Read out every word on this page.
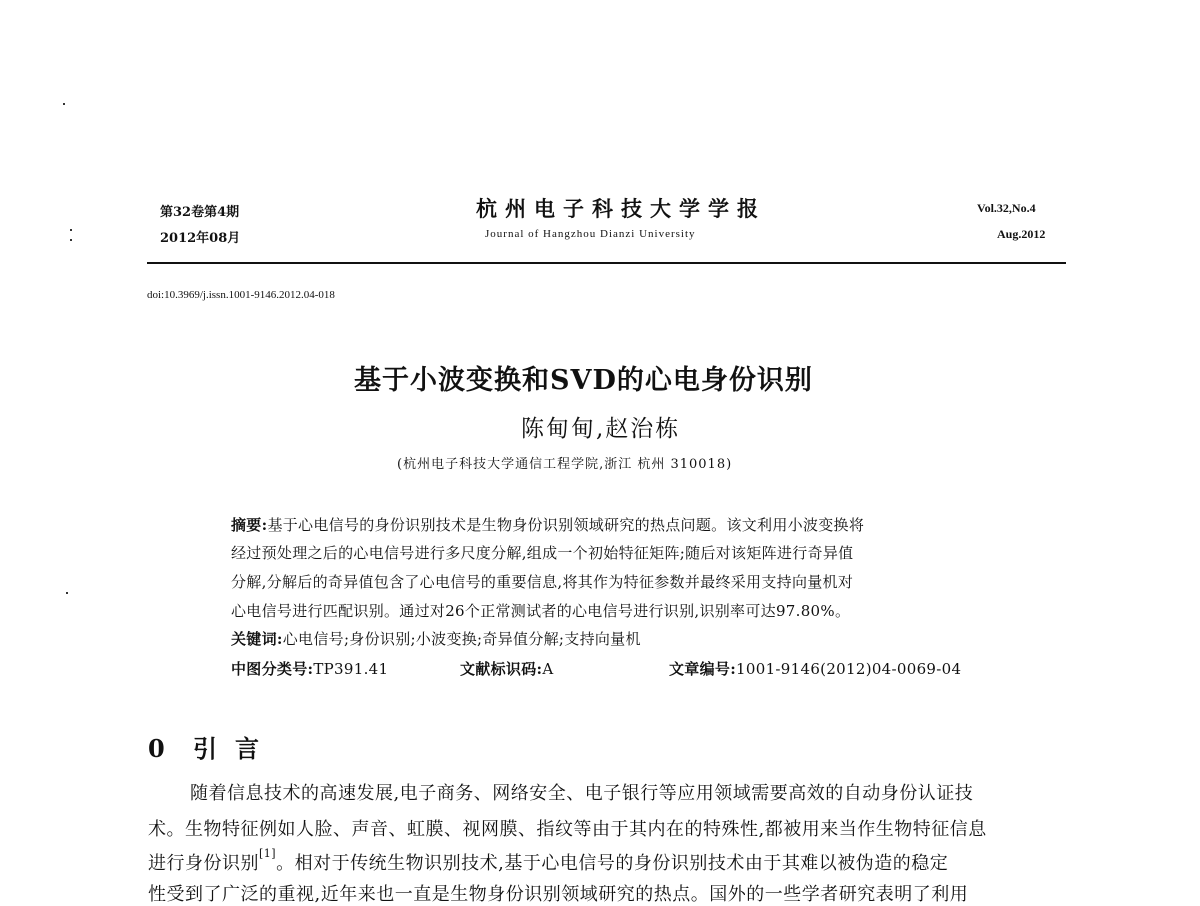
第32卷第4期
2012年08月
杭州电子科技大学学报
Journal of Hangzhou Dianzi University
Vol.32,No.4
Aug.2012
doi:10.3969/j.issn.1001-9146.2012.04-018
基于小波变换和SVD的心电身份识别
陈甸甸,赵治栋
(杭州电子科技大学通信工程学院,浙江 杭州 310018)
摘要:基于心电信号的身份识别技术是生物身份识别领域研究的热点问题。该文利用小波变换将
经过预处理之后的心电信号进行多尺度分解,组成一个初始特征矩阵;随后对该矩阵进行奇异值
分解,分解后的奇异值包含了心电信号的重要信息,将其作为特征参数并最终采用支持向量机对
心电信号进行匹配识别。通过对26个正常测试者的心电信号进行识别,识别率可达97.80%。
关键词:心电信号;身份识别;小波变换;奇异值分解;支持向量机
中图分类号:TP391.41	文献标识码:A	文章编号:1001-9146(2012)04-0069-04
0 引言
随着信息技术的高速发展,电子商务、网络安全、电子银行等应用领域需要高效的自动身份认证技
术。生物特征例如人脸、声音、虹膜、视网膜、指纹等由于其内在的特殊性,都被用来当作生物特征信息
进行身份识别[1]。相对于传统生物识别技术,基于心电信号的身份识别技术由于其难以被伪造的稳定
性受到了广泛的重视,近年来也一直是生物身份识别领域研究的热点。国外的一些学者研究表明了利用
